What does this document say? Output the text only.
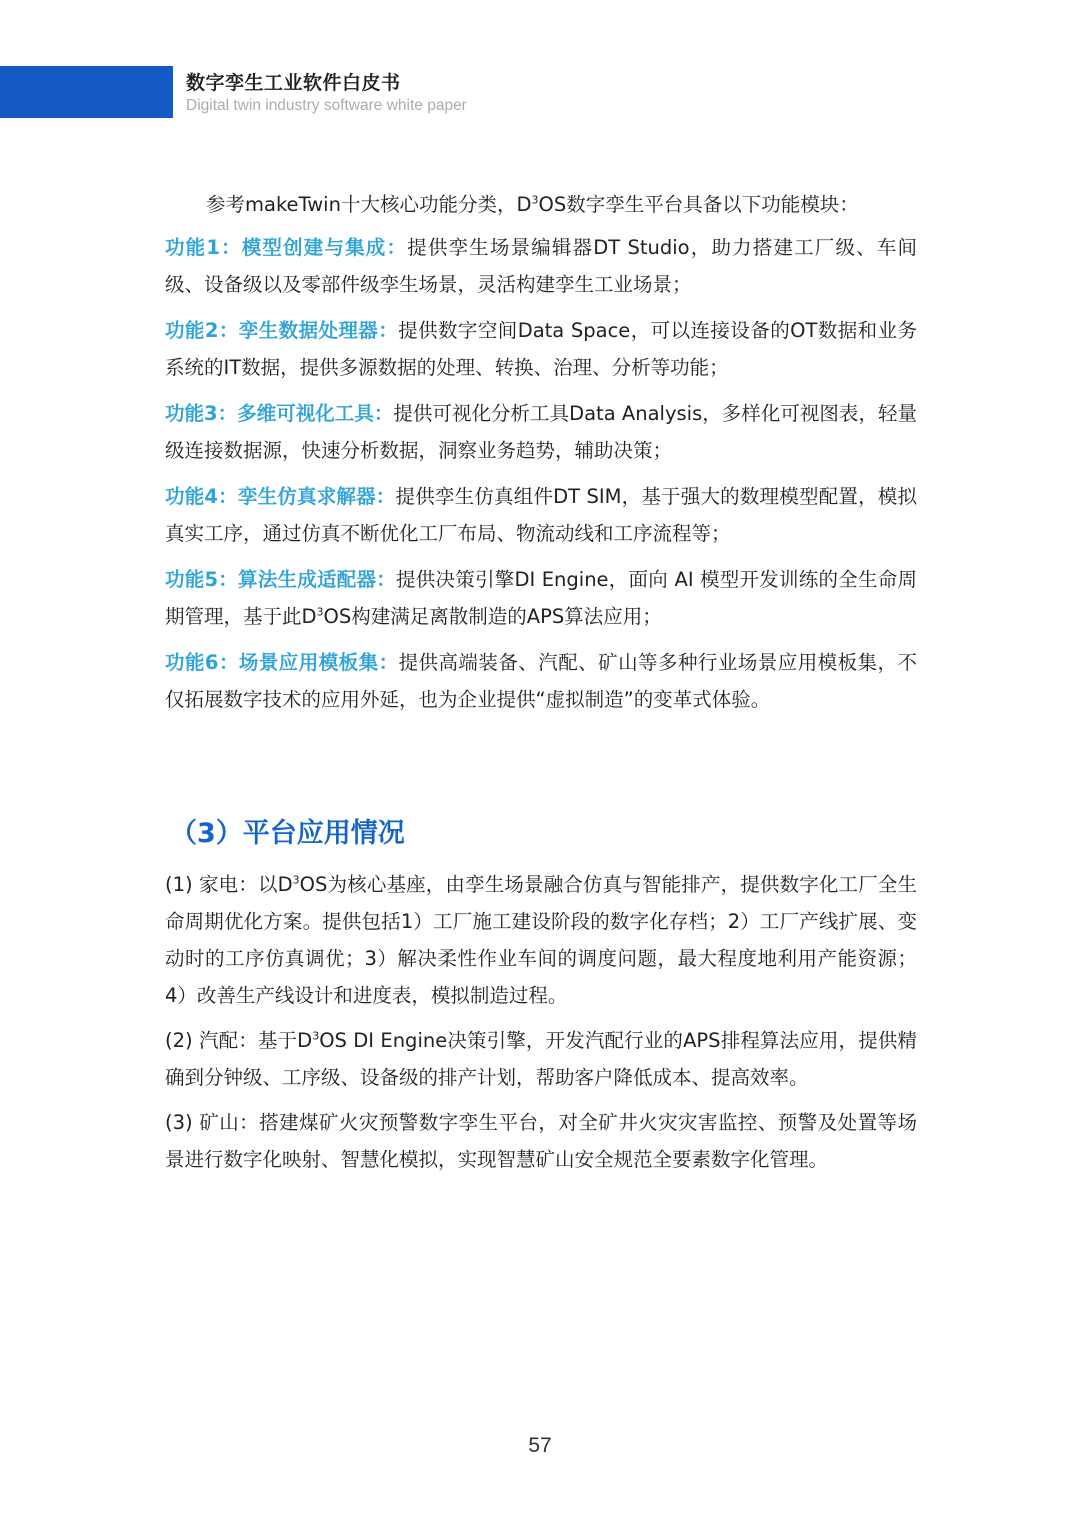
数字孪生工业软件白皮书
Digital twin industry software white paper
参考makeTwin十大核心功能分类，$D^3OS$数字孪生平台具备以下功能模块：

功能1：模型创建与集成：提供孪生场景编辑器DT Studio，助力搭建工厂级、车间级、设备级以及零部件级孪生场景，灵活构建孪生工业场景；

功能2：孪生数据处理器：提供数字空间Data Space，可以连接设备的OT数据和业务系统的IT数据，提供多源数据的处理、转换、治理、分析等功能；

功能3：多维可视化工具：提供可视化分析工具Data Analysis，多样化可视图表，轻量级连接数据源，快速分析数据，洞察业务趋势，辅助决策；

功能4：孪生仿真求解器：提供孪生仿真组件DT SIM，基于强大的数理模型配置，模拟真实工序，通过仿真不断优化工厂布局、物流动线和工序流程等；

功能5：算法生成适配器：提供决策引擎DI Engine，面向 AI 模型开发训练的全生命周期管理，基于此$D^3OS$构建满足离散制造的APS算法应用；

功能6：场景应用模板集：提供高端装备、汽配、矿山等多种行业场景应用模板集，不仅拓展数字技术的应用外延，也为企业提供“虚拟制造”的变革式体验。

（3）平台应用情况

(1) 家电：以$D^3OS$为核心基座，由孪生场景融合仿真与智能排产，提供数字化工厂全生命周期优化方案。提供包括1）工厂施工建设阶段的数字化存档；2）工厂产线扩展、变动时的工序仿真调优；3）解决柔性作业车间的调度问题，最大程度地利用产能资源；4）改善生产线设计和进度表，模拟制造过程。

(2) 汽配：基于$D^3OS$ DI Engine决策引擎，开发汽配行业的APS排程算法应用，提供精确到分钟级、工序级、设备级的排产计划，帮助客户降低成本、提高效率。

(3) 矿山：搭建煤矿火灾预警数字孪生平台，对全矿井火灾灾害监控、预警及处置等场景进行数字化映射、智慧化模拟，实现智慧矿山安全规范全要素数字化管理。

57
